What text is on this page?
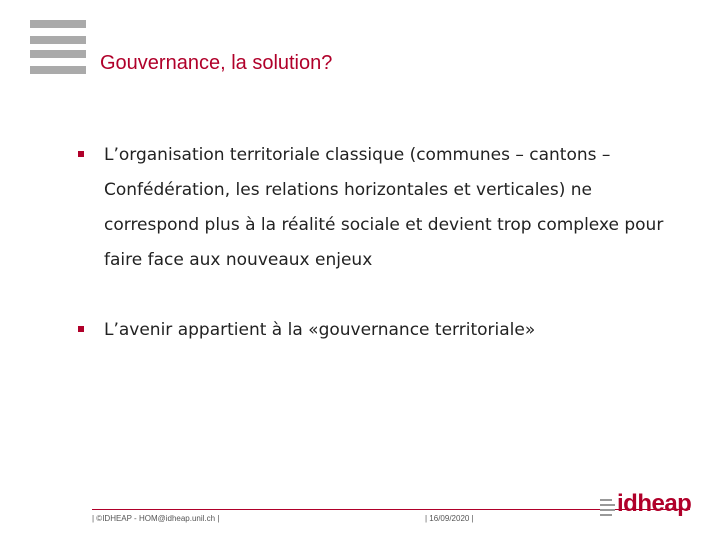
Gouvernance, la solution?
L’organisation territoriale classique (communes – cantons – Confédération, les relations horizontales et verticales) ne correspond plus à la réalité sociale et devient trop complexe pour faire face aux nouveaux enjeux
L’avenir appartient à la «gouvernance territoriale»
| ©IDHEAP - HOM@idheap.unil.ch |	| 16/09/2020 |
idheap
